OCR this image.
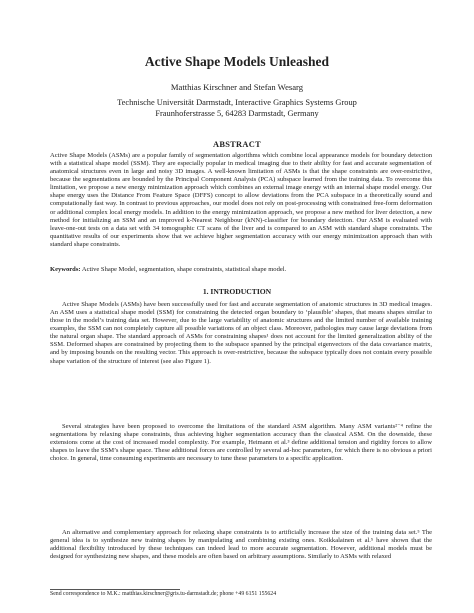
Active Shape Models Unleashed
Matthias Kirschner and Stefan Wesarg
Technische Universität Darmstadt, Interactive Graphics Systems Group
Fraunhoferstrasse 5, 64283 Darmstadt, Germany
ABSTRACT
Active Shape Models (ASMs) are a popular family of segmentation algorithms which combine local appearance models for boundary detection with a statistical shape model (SSM). They are especially popular in medical imaging due to their ability for fast and accurate segmentation of anatomical structures even in large and noisy 3D images. A well-known limitation of ASMs is that the shape constraints are over-restrictive, because the segmentations are bounded by the Principal Component Analysis (PCA) subspace learned from the training data. To overcome this limitation, we propose a new energy minimization approach which combines an external image energy with an internal shape model energy. Our shape energy uses the Distance From Feature Space (DFFS) concept to allow deviations from the PCA subspace in a theoretically sound and computationally fast way. In contrast to previous approaches, our model does not rely on post-processing with constrained free-form deformation or additional complex local energy models. In addition to the energy minimization approach, we propose a new method for liver detection, a new method for initializing an SSM and an improved k-Nearest Neighbour (kNN)-classifier for boundary detection. Our ASM is evaluated with leave-one-out tests on a data set with 34 tomographic CT scans of the liver and is compared to an ASM with standard shape constraints. The quantitative results of our experiments show that we achieve higher segmentation accuracy with our energy minimization approach than with standard shape constraints.
Keywords: Active Shape Model, segmentation, shape constraints, statistical shape model.
1. INTRODUCTION
Active Shape Models (ASMs) have been successfully used for fast and accurate segmentation of anatomic structures in 3D medical images. An ASM uses a statistical shape model (SSM) for constraining the detected organ boundary to ‘plausible’ shapes, that means shapes similar to those in the model’s training data set. However, due to the large variability of anatomic structures and the limited number of available training examples, the SSM can not completely capture all possible variations of an object class. Moreover, pathologies may cause large deviations from the natural organ shape. The standard approach of ASMs for constraining shapes¹ does not account for the limited generalization ability of the SSM. Deformed shapes are constrained by projecting them to the subspace spanned by the principal eigenvectors of the data covariance matrix, and by imposing bounds on the resulting vector. This approach is over-restrictive, because the subspace typically does not contain every possible shape variation of the structure of interest (see also Figure 1).
Several strategies have been proposed to overcome the limitations of the standard ASM algorithm. Many ASM variants²⁻⁴ refine the segmentations by relaxing shape constraints, thus achieving higher segmentation accuracy than the classical ASM. On the downside, these extensions come at the cost of increased model complexity. For example, Heimann et al.³ define additional tension and rigidity forces to allow shapes to leave the SSM’s shape space. These additional forces are controlled by several ad-hoc parameters, for which there is no obvious a priori choice. In general, time consuming experiments are necessary to tune these parameters to a specific application.
An alternative and complementary approach for relaxing shape constraints is to artificially increase the size of the training data set.⁵ The general idea is to synthesize new training shapes by manipulating and combining existing ones. Koikkalainen et al.⁵ have shown that the additional flexibility introduced by these techniques can indeed lead to more accurate segmentation. However, additional models must be designed for synthesizing new shapes, and these models are often based on arbitrary assumptions. Similarly to ASMs with relaxed
Send correspondence to M.K.: matthias.kirschner@gris.tu-darmstadt.de; phone +49 6151 155624
